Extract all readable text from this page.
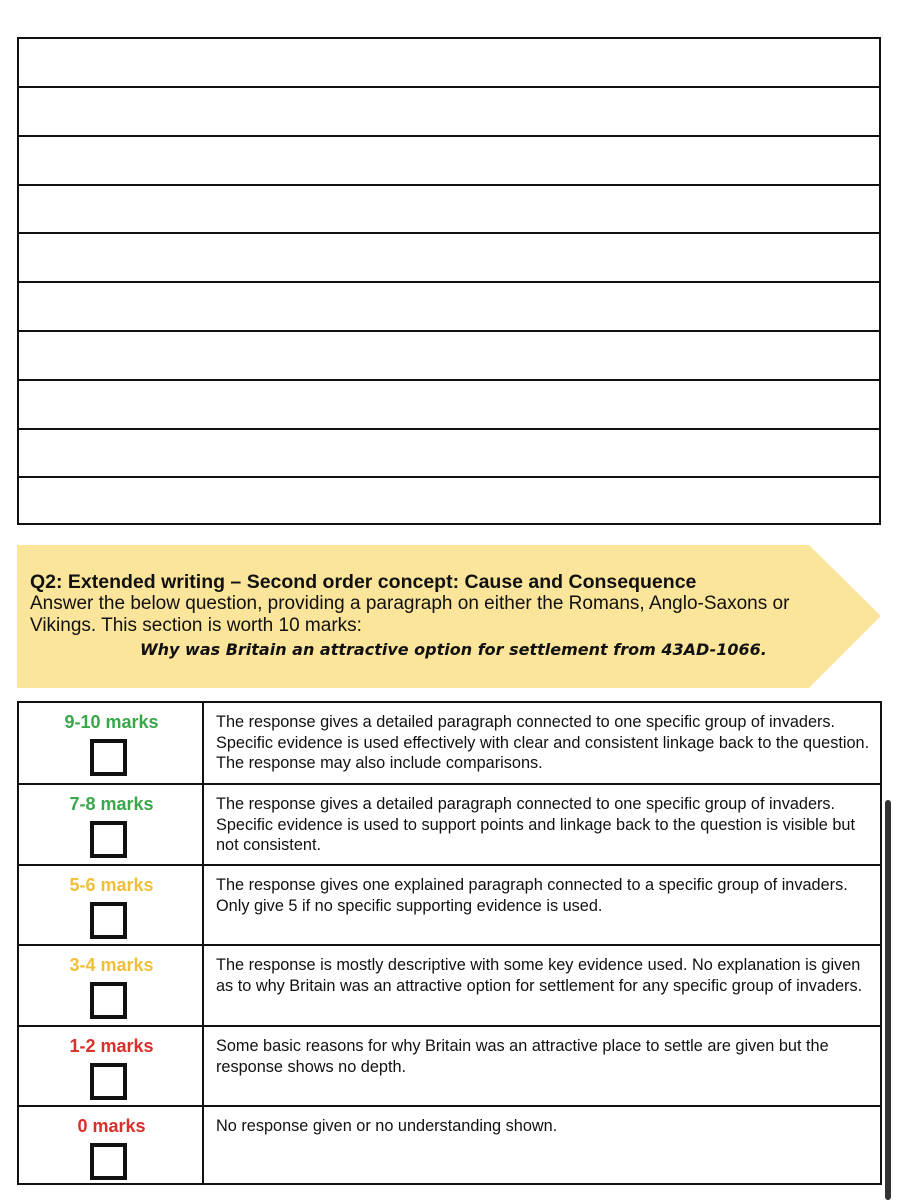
Q2: Extended writing – Second order concept: Cause and Consequence
Answer the below question, providing a paragraph on either the Romans, Anglo-Saxons or Vikings. This section is worth 10 marks:
Why was Britain an attractive option for settlement from 43AD-1066.
9-10 marks	The response gives a detailed paragraph connected to one specific group of invaders. Specific evidence is used effectively with clear and consistent linkage back to the question. The response may also include comparisons.
7-8 marks	The response gives a detailed paragraph connected to one specific group of invaders. Specific evidence is used to support points and linkage back to the question is visible but not consistent.
5-6 marks	The response gives one explained paragraph connected to a specific group of invaders. Only give 5 if no specific supporting evidence is used.
3-4 marks	The response is mostly descriptive with some key evidence used. No explanation is given as to why Britain was an attractive option for settlement for any specific group of invaders.
1-2 marks	Some basic reasons for why Britain was an attractive place to settle are given but the response shows no depth.
0 marks	No response given or no understanding shown.
